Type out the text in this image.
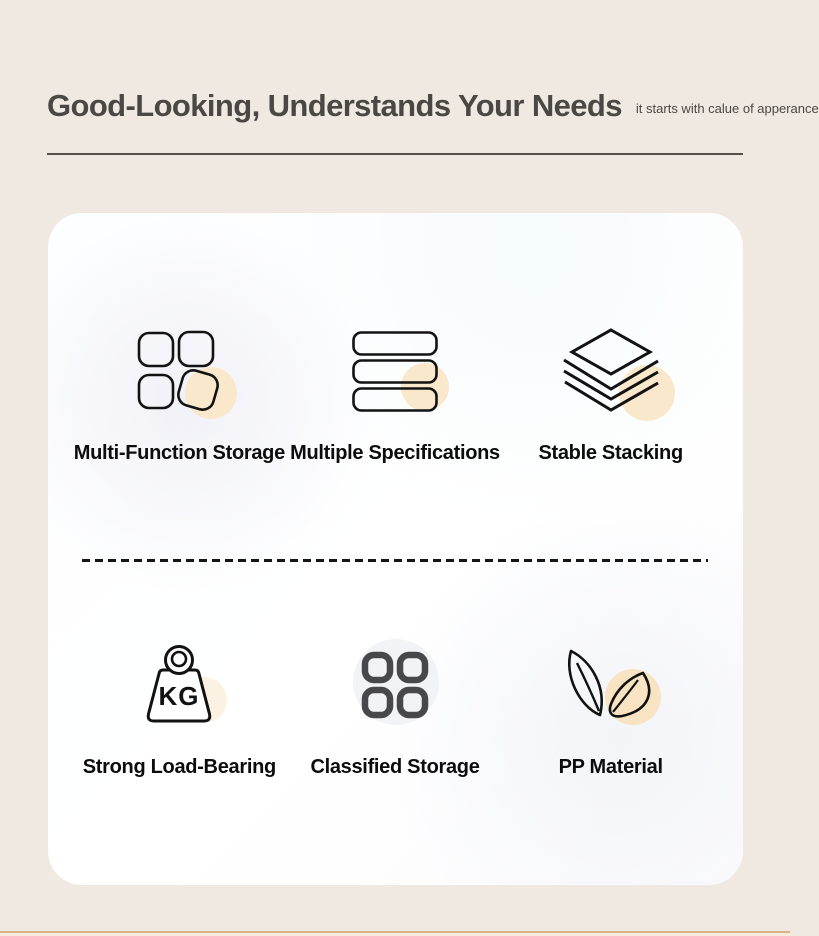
Good-Looking, Understands Your Needs it starts with calue of apperance
Multi-Function Storage Multiple Specifications Stable Stacking
KG
Strong Load-Bearing Classified Storage	PP Material
